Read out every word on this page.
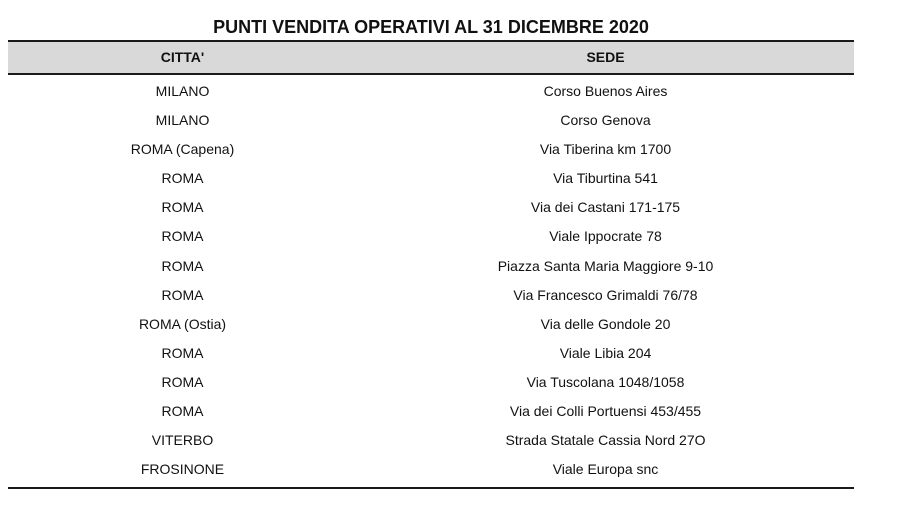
PUNTI VENDITA OPERATIVI AL 31 DICEMBRE 2020
CITTA'	SEDE
MILANO	Corso Buenos Aires
MILANO	Corso Genova
ROMA (Capena)	Via Tiberina km 1700
ROMA	Via Tiburtina 541
ROMA	Via dei Castani 171-175
ROMA	Viale Ippocrate 78
ROMA	Piazza Santa Maria Maggiore 9-10
ROMA	Via Francesco Grimaldi 76/78
ROMA (Ostia)	Via delle Gondole 20
ROMA	Viale Libia 204
ROMA	Via Tuscolana 1048/1058
ROMA	Via dei Colli Portuensi 453/455
VITERBO	Strada Statale Cassia Nord 27O
FROSINONE	Viale Europa snc
